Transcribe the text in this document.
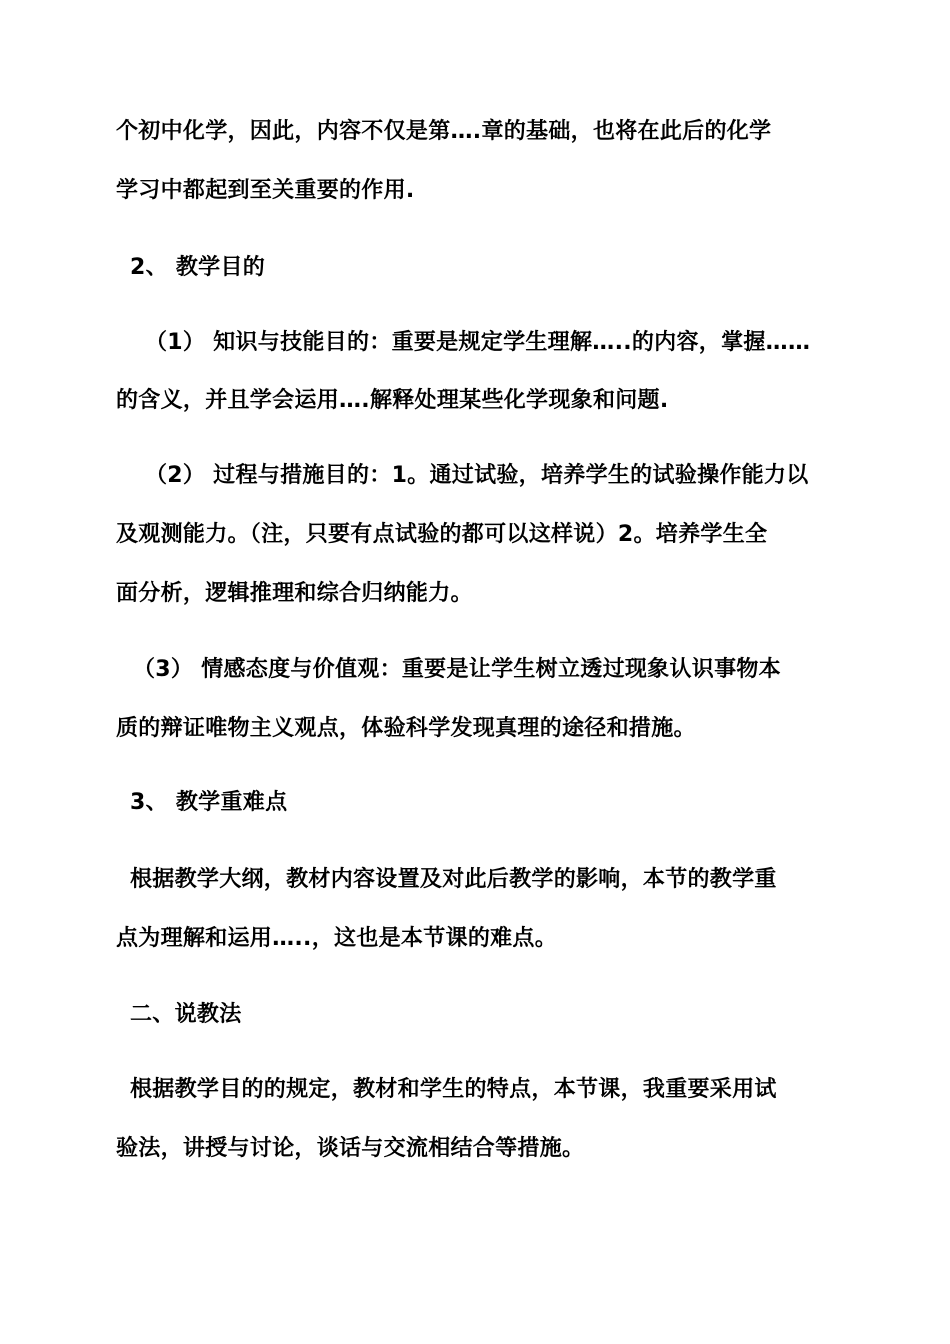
个初中化学，因此，内容不仅是第….章的基础，也将在此后的化学
学习中都起到至关重要的作用.
2、 教学目的
（1） 知识与技能目的：重要是规定学生理解…..的内容，掌握……
的含义，并且学会运用….解释处理某些化学现象和问题.
（2） 过程与措施目的：1。通过试验，培养学生的试验操作能力以
及观测能力。（注，只要有点试验的都可以这样说）2。培养学生全
面分析，逻辑推理和综合归纳能力。
（3） 情感态度与价值观：重要是让学生树立透过现象认识事物本
质的辩证唯物主义观点，体验科学发现真理的途径和措施。
3、 教学重难点
根据教学大纲，教材内容设置及对此后教学的影响，本节的教学重
点为理解和运用…..，这也是本节课的难点。
二、说教法
根据教学目的的规定，教材和学生的特点，本节课，我重要采用试
验法，讲授与讨论，谈话与交流相结合等措施。
